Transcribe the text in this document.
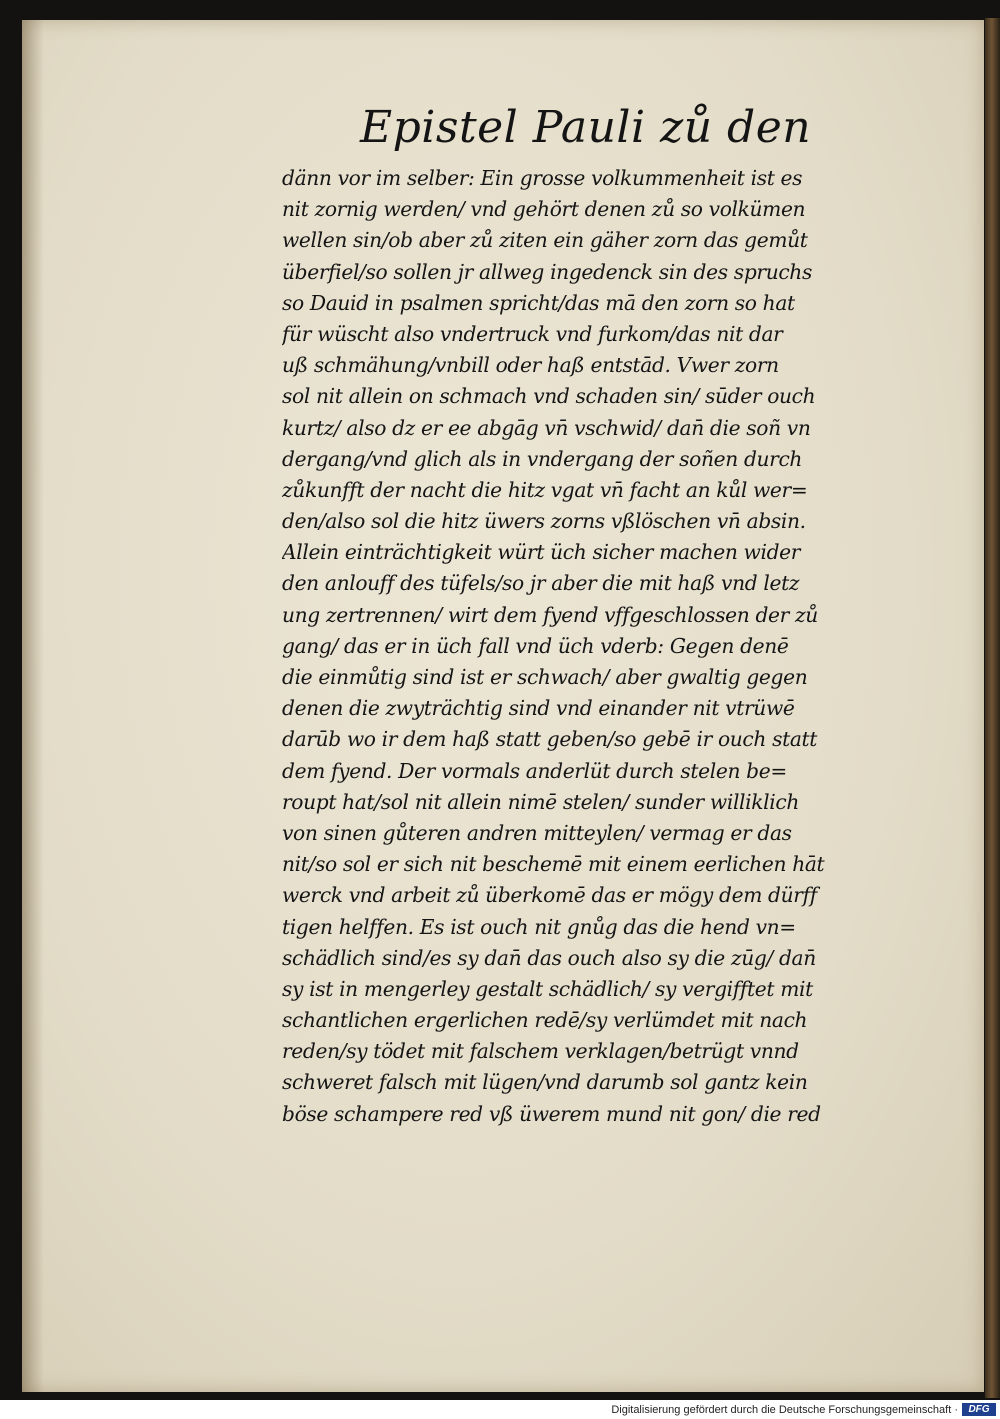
Epistel Pauli zů den
dänn vor im selber: Ein grosse volkummenheit ist es
nit zornig werden/ vnd gehört denen zů so volkümen
wellen sin/ob aber zů ziten ein gäher zorn das gemůt
überfiel/so sollen jr allweg ingedenck sin des spruchs
so Dauid in psalmen spricht/das mā den zorn so hat
für wüscht also vndertruck vnd furkom/das nit dar
uß schmähung/vnbill oder haß entstād. Vwer zorn
sol nit allein on schmach vnd schaden sin/ sūder ouch
kurtz/ also dz er ee abgāg vn̄ vschwid/ dan̄ die soñ vn
dergang/vnd glich als in vndergang der soñen durch
zůkunfft der nacht die hitz vgat vn̄ facht an kůl wer=
den/also sol die hitz üwers zorns vßlöschen vn̄ absin.
Allein einträchtigkeit würt üch sicher machen wider
den anlouff des tüfels/so jr aber die mit haß vnd letz
ung zertrennen/ wirt dem fyend vffgeschlossen der zů
gang/ das er in üch fall vnd üch vderb: Gegen denē
die einmůtig sind ist er schwach/ aber gwaltig gegen
denen die zwyträchtig sind vnd einander nit vtrüwē
darūb wo ir dem haß statt geben/so gebē ir ouch statt
dem fyend. Der vormals anderlüt durch stelen be=
roupt hat/sol nit allein nimē stelen/ sunder williklich
von sinen gůteren andren mitteylen/ vermag er das
nit/so sol er sich nit beschemē mit einem eerlichen hāt
werck vnd arbeit zů überkomē das er mögy dem dürff
tigen helffen. Es ist ouch nit gnůg das die hend vn=
schädlich sind/es sy dan̄ das ouch also sy die zūg/ dan̄
sy ist in mengerley gestalt schädlich/ sy vergifftet mit
schantlichen ergerlichen redē/sy verlümdet mit nach
reden/sy tödet mit falschem verklagen/betrügt vnnd
schweret falsch mit lügen/vnd darumb sol gantz kein
böse schampere red vß üwerem mund nit gon/ die red
Digitalisierung gefördert durch die Deutsche Forschungsgemeinschaft ·	DFG
